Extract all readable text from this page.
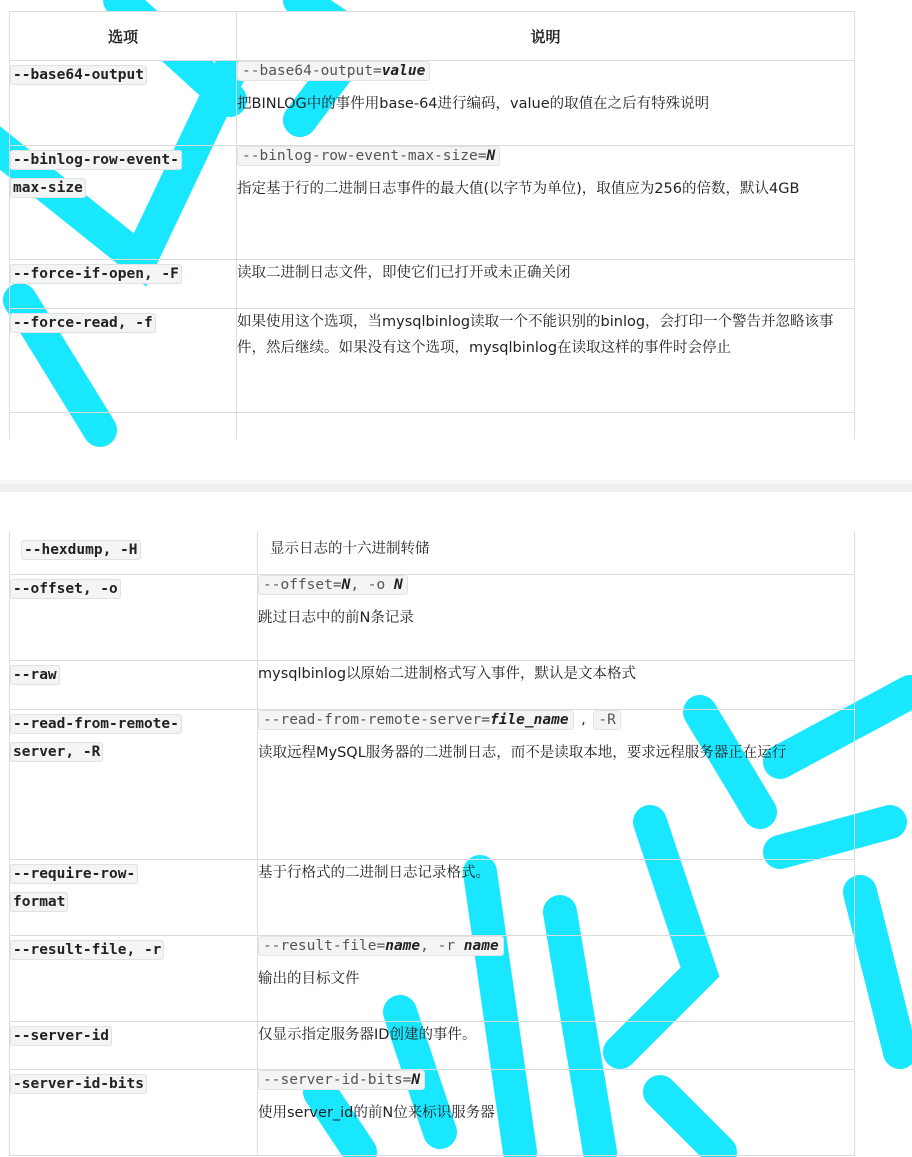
选项	说明
--base64-output	--base64-output=value
把BINLOG中的事件用base-64进行编码，value的取值在之后有特殊说明

--binlog-row-event-
max-size	--binlog-row-event-max-size=N
指定基于行的二进制日志事件的最大值(以字节为单位)，取值应为256的倍数，默认4GB

--force-if-open, -F	读取二进制日志文件，即使它们已打开或未正确关闭

--force-read, -f	如果使用这个选项，当mysqlbinlog读取一个不能识别的binlog，会打印一个警告并忽略该事件，然后继续。如果没有这个选项，mysqlbinlog在读取这样的事件时会停止

--hexdump, -H	显示日志的十六进制转储

--offset, -o	--offset=N, -o N
跳过日志中的前N条记录

--raw	mysqlbinlog以原始二进制格式写入事件，默认是文本格式

--read-from-remote-
server, -R	--read-from-remote-server=file_name , -R
读取远程MySQL服务器的二进制日志，而不是读取本地，要求远程服务器正在运行

--require-row-
format	基于行格式的二进制日志记录格式。

--result-file, -r	--result-file=name, -r name
输出的目标文件

--server-id	仅显示指定服务器ID创建的事件。

-server-id-bits	--server-id-bits=N
使用server_id的前N位来标识服务器
